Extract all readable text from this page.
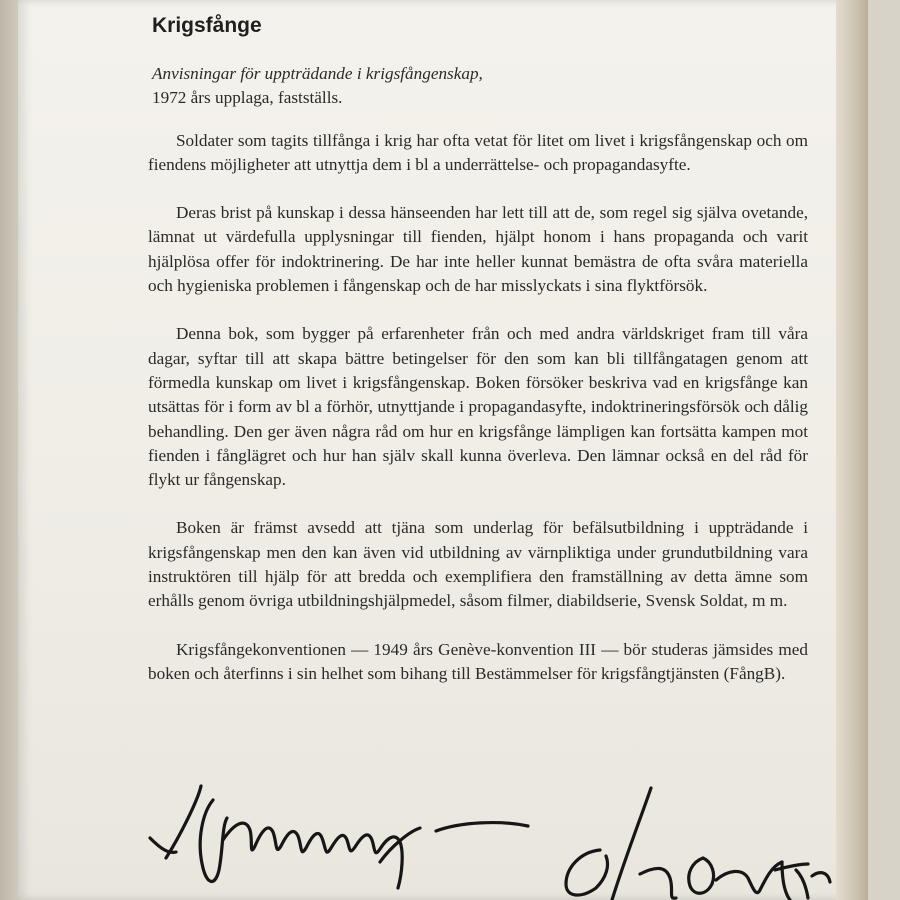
Krigsfånge
Anvisningar för uppträdande i krigsfångenskap,
1972 års upplaga, fastställs.

Soldater som tagits tillfånga i krig har ofta vetat för litet om livet i krigsfångenskap och om fiendens möjligheter att utnyttja dem i bl a underrättelse- och propagandasyfte.

Deras brist på kunskap i dessa hänseenden har lett till att de, som regel sig själva ovetande, lämnat ut värdefulla upplysningar till fienden, hjälpt honom i hans propaganda och varit hjälplösa offer för indoktrinering. De har inte heller kunnat bemästra de ofta svåra materiella och hygieniska problemen i fångenskap och de har misslyckats i sina flyktförsök.

Denna bok, som bygger på erfarenheter från och med andra världskriget fram till våra dagar, syftar till att skapa bättre betingelser för den som kan bli tillfångatagen genom att förmedla kunskap om livet i krigsfångenskap. Boken försöker beskriva vad en krigsfånge kan utsättas för i form av bl a förhör, utnyttjande i propagandasyfte, indoktrineringsförsök och dålig behandling. Den ger även några råd om hur en krigsfånge lämpligen kan fortsätta kampen mot fienden i fånglägret och hur han själv skall kunna överleva. Den lämnar också en del råd för flykt ur fångenskap.

Boken är främst avsedd att tjäna som underlag för befälsutbildning i uppträdande i krigsfångenskap men den kan även vid utbildning av värnpliktiga under grundutbildning vara instruktören till hjälp för att bredda och exemplifiera den framställning av detta ämne som erhålls genom övriga utbildningshjälpmedel, såsom filmer, diabildserie, Svensk Soldat, m m.

Krigsfångekonventionen — 1949 års Genève-konvention III — bör studeras jämsides med boken och återfinns i sin helhet som bihang till Bestämmelser för krigsfångtjänsten (FångB).
